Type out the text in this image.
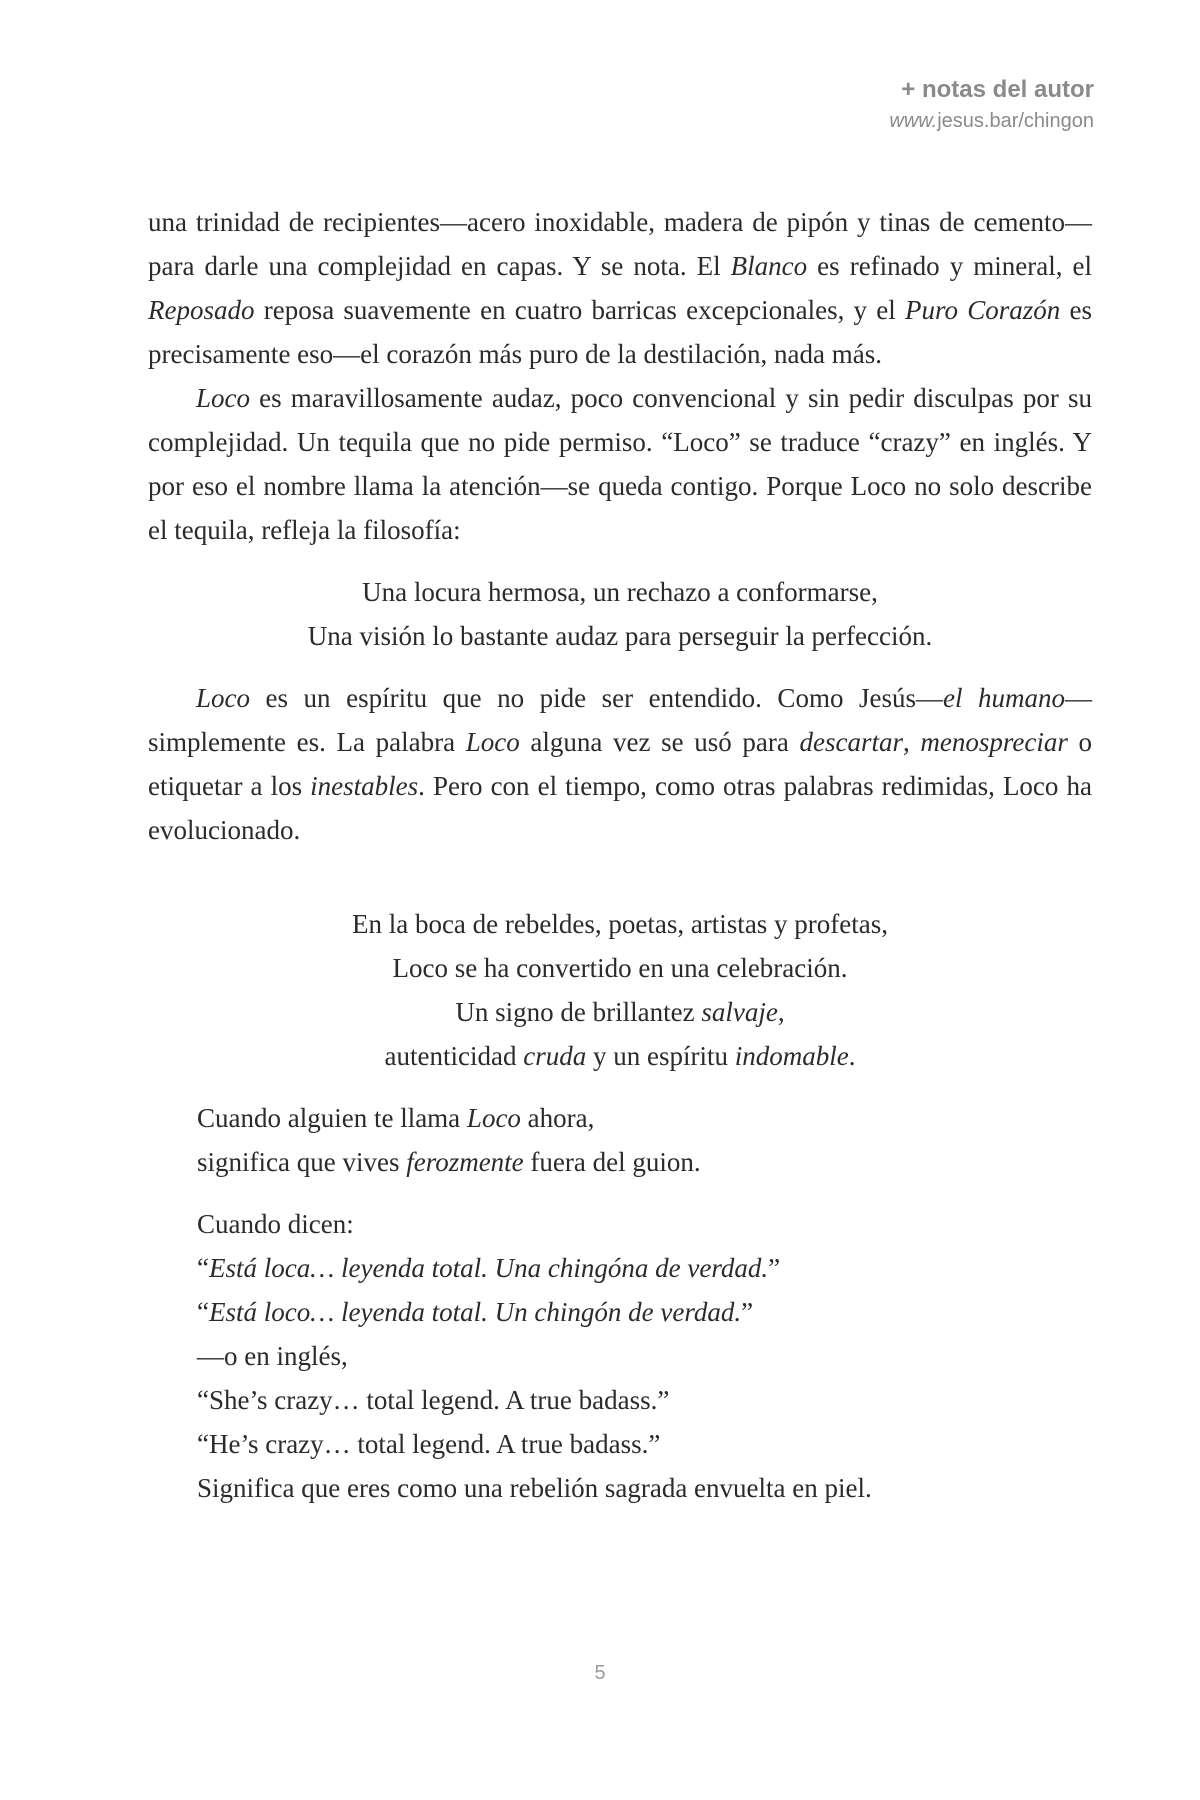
+ notas del autor
www.jesus.bar/chingon

una trinidad de recipientes—acero inoxidable, madera de pipón y tinas de cemento—para darle una complejidad en capas. Y se nota. El Blanco es refinado y mineral, el Reposado reposa suavemente en cuatro barricas excepcionales, y el Puro Corazón es precisamente eso—el corazón más puro de la destilación, nada más.

Loco es maravillosamente audaz, poco convencional y sin pedir disculpas por su complejidad. Un tequila que no pide permiso. “Loco” se traduce “crazy” en inglés. Y por eso el nombre llama la atención—se queda contigo. Porque Loco no solo describe el tequila, refleja la filosofía:

Una locura hermosa, un rechazo a conformarse,

Una visión lo bastante audaz para perseguir la perfección.

Loco es un espíritu que no pide ser entendido. Como Jesús—el humano— simplemente es. La palabra Loco alguna vez se usó para descartar, menospreciar o etiquetar a los inestables. Pero con el tiempo, como otras palabras redimidas, Loco ha evolucionado.

En la boca de rebeldes, poetas, artistas y profetas,

Loco se ha convertido en una celebración.

Un signo de brillantez salvaje,

autenticidad cruda y un espíritu indomable.

Cuando alguien te llama Loco ahora,

significa que vives ferozmente fuera del guion.

Cuando dicen:

“Está loca… leyenda total. Una chingóna de verdad.”

“Está loco… leyenda total. Un chingón de verdad.”

—o en inglés,

“She’s crazy… total legend. A true badass.”

“He’s crazy… total legend. A true badass.”

Significa que eres como una rebelión sagrada envuelta en piel.

5
